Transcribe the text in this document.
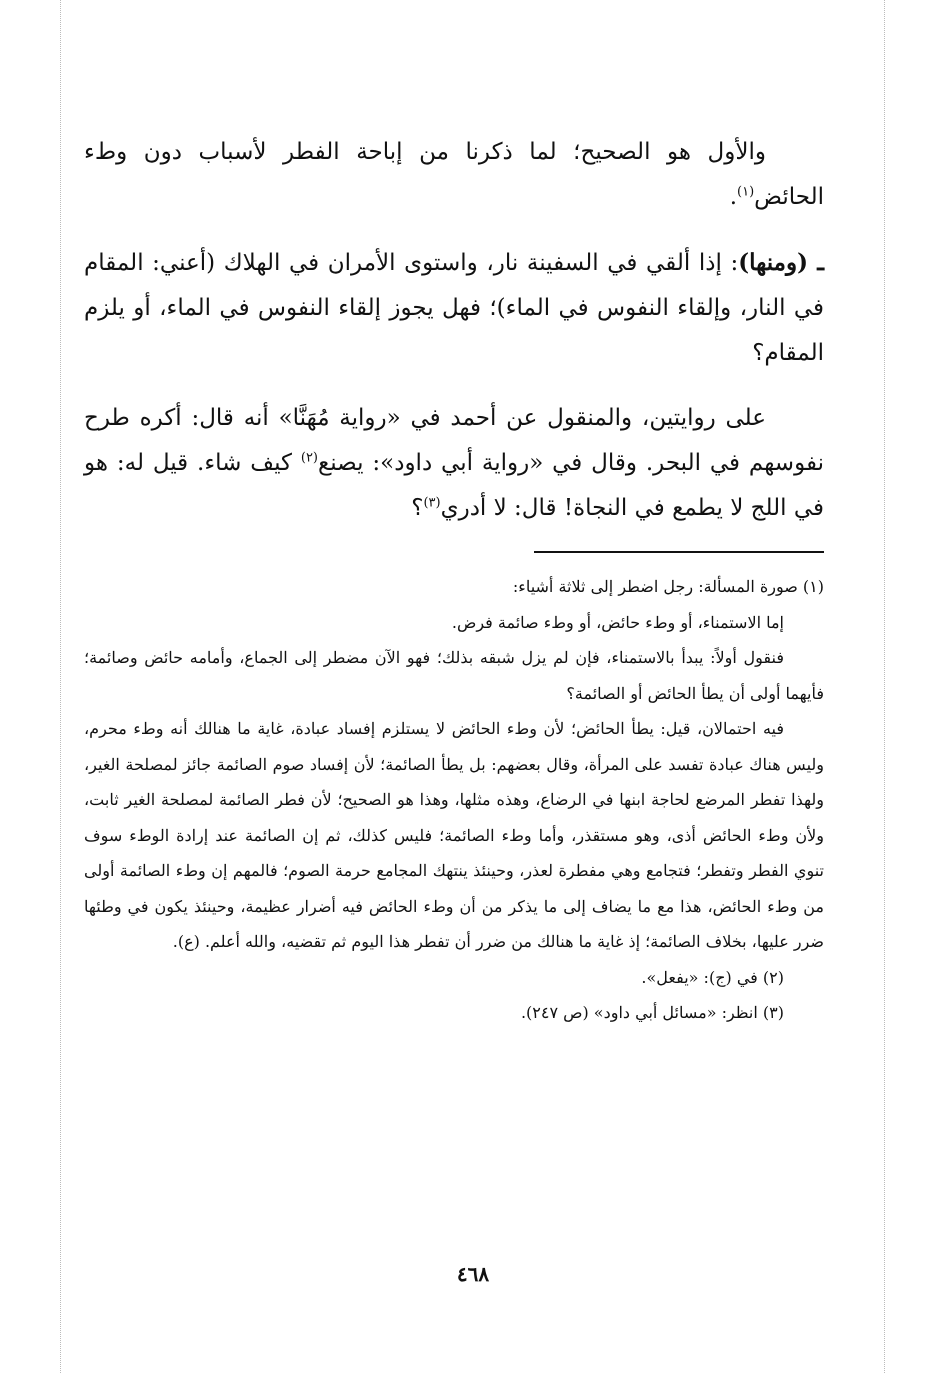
والأول هو الصحيح؛ لما ذكرنا من إباحة الفطر لأسباب دون وطء الحائض$^{(١)}$.

ـ (ومنها): إذا ألقي في السفينة نار، واستوى الأمران في الهلاك (أعني: المقام في النار، وإلقاء النفوس في الماء)؛ فهل يجوز إلقاء النفوس في الماء، أو يلزم المقام؟

على روايتين، والمنقول عن أحمد في «رواية مُهَنَّا» أنه قال: أكره طرح نفوسهم في البحر. وقال في «رواية أبي داود»: يصنع$^{(٢)}$ كيف شاء. قيل له: هو في اللج لا يطمع في النجاة! قال: لا أدري$^{(٣)}$؟

(١) صورة المسألة: رجل اضطر إلى ثلاثة أشياء:

إما الاستمناء، أو وطء حائض، أو وطء صائمة فرض.

فنقول أولاً: يبدأ بالاستمناء، فإن لم يزل شبقه بذلك؛ فهو الآن مضطر إلى الجماع، وأمامه حائض وصائمة؛ فأيهما أولى أن يطأ الحائض أو الصائمة؟

فيه احتمالان، قيل: يطأ الحائض؛ لأن وطء الحائض لا يستلزم إفساد عبادة، غاية ما هنالك أنه وطء محرم، وليس هناك عبادة تفسد على المرأة، وقال بعضهم: بل يطأ الصائمة؛ لأن إفساد صوم الصائمة جائز لمصلحة الغير، ولهذا تفطر المرضع لحاجة ابنها في الرضاع، وهذه مثلها، وهذا هو الصحيح؛ لأن فطر الصائمة لمصلحة الغير ثابت، ولأن وطء الحائض أذى، وهو مستقذر، وأما وطء الصائمة؛ فليس كذلك، ثم إن الصائمة عند إرادة الوطء سوف تنوي الفطر وتفطر؛ فتجامع وهي مفطرة لعذر، وحينئذ ينتهك المجامع حرمة الصوم؛ فالمهم إن وطء الصائمة أولى من وطء الحائض، هذا مع ما يضاف إلى ما يذكر من أن وطء الحائض فيه أضرار عظيمة، وحينئذ يكون في وطئها ضرر عليها، بخلاف الصائمة؛ إذ غاية ما هنالك من ضرر أن تفطر هذا اليوم ثم تقضيه، والله أعلم. (ع).

(٢) في (ج): «يفعل».

(٣) انظر: «مسائل أبي داود» (ص ٢٤٧).

٤٦٨
